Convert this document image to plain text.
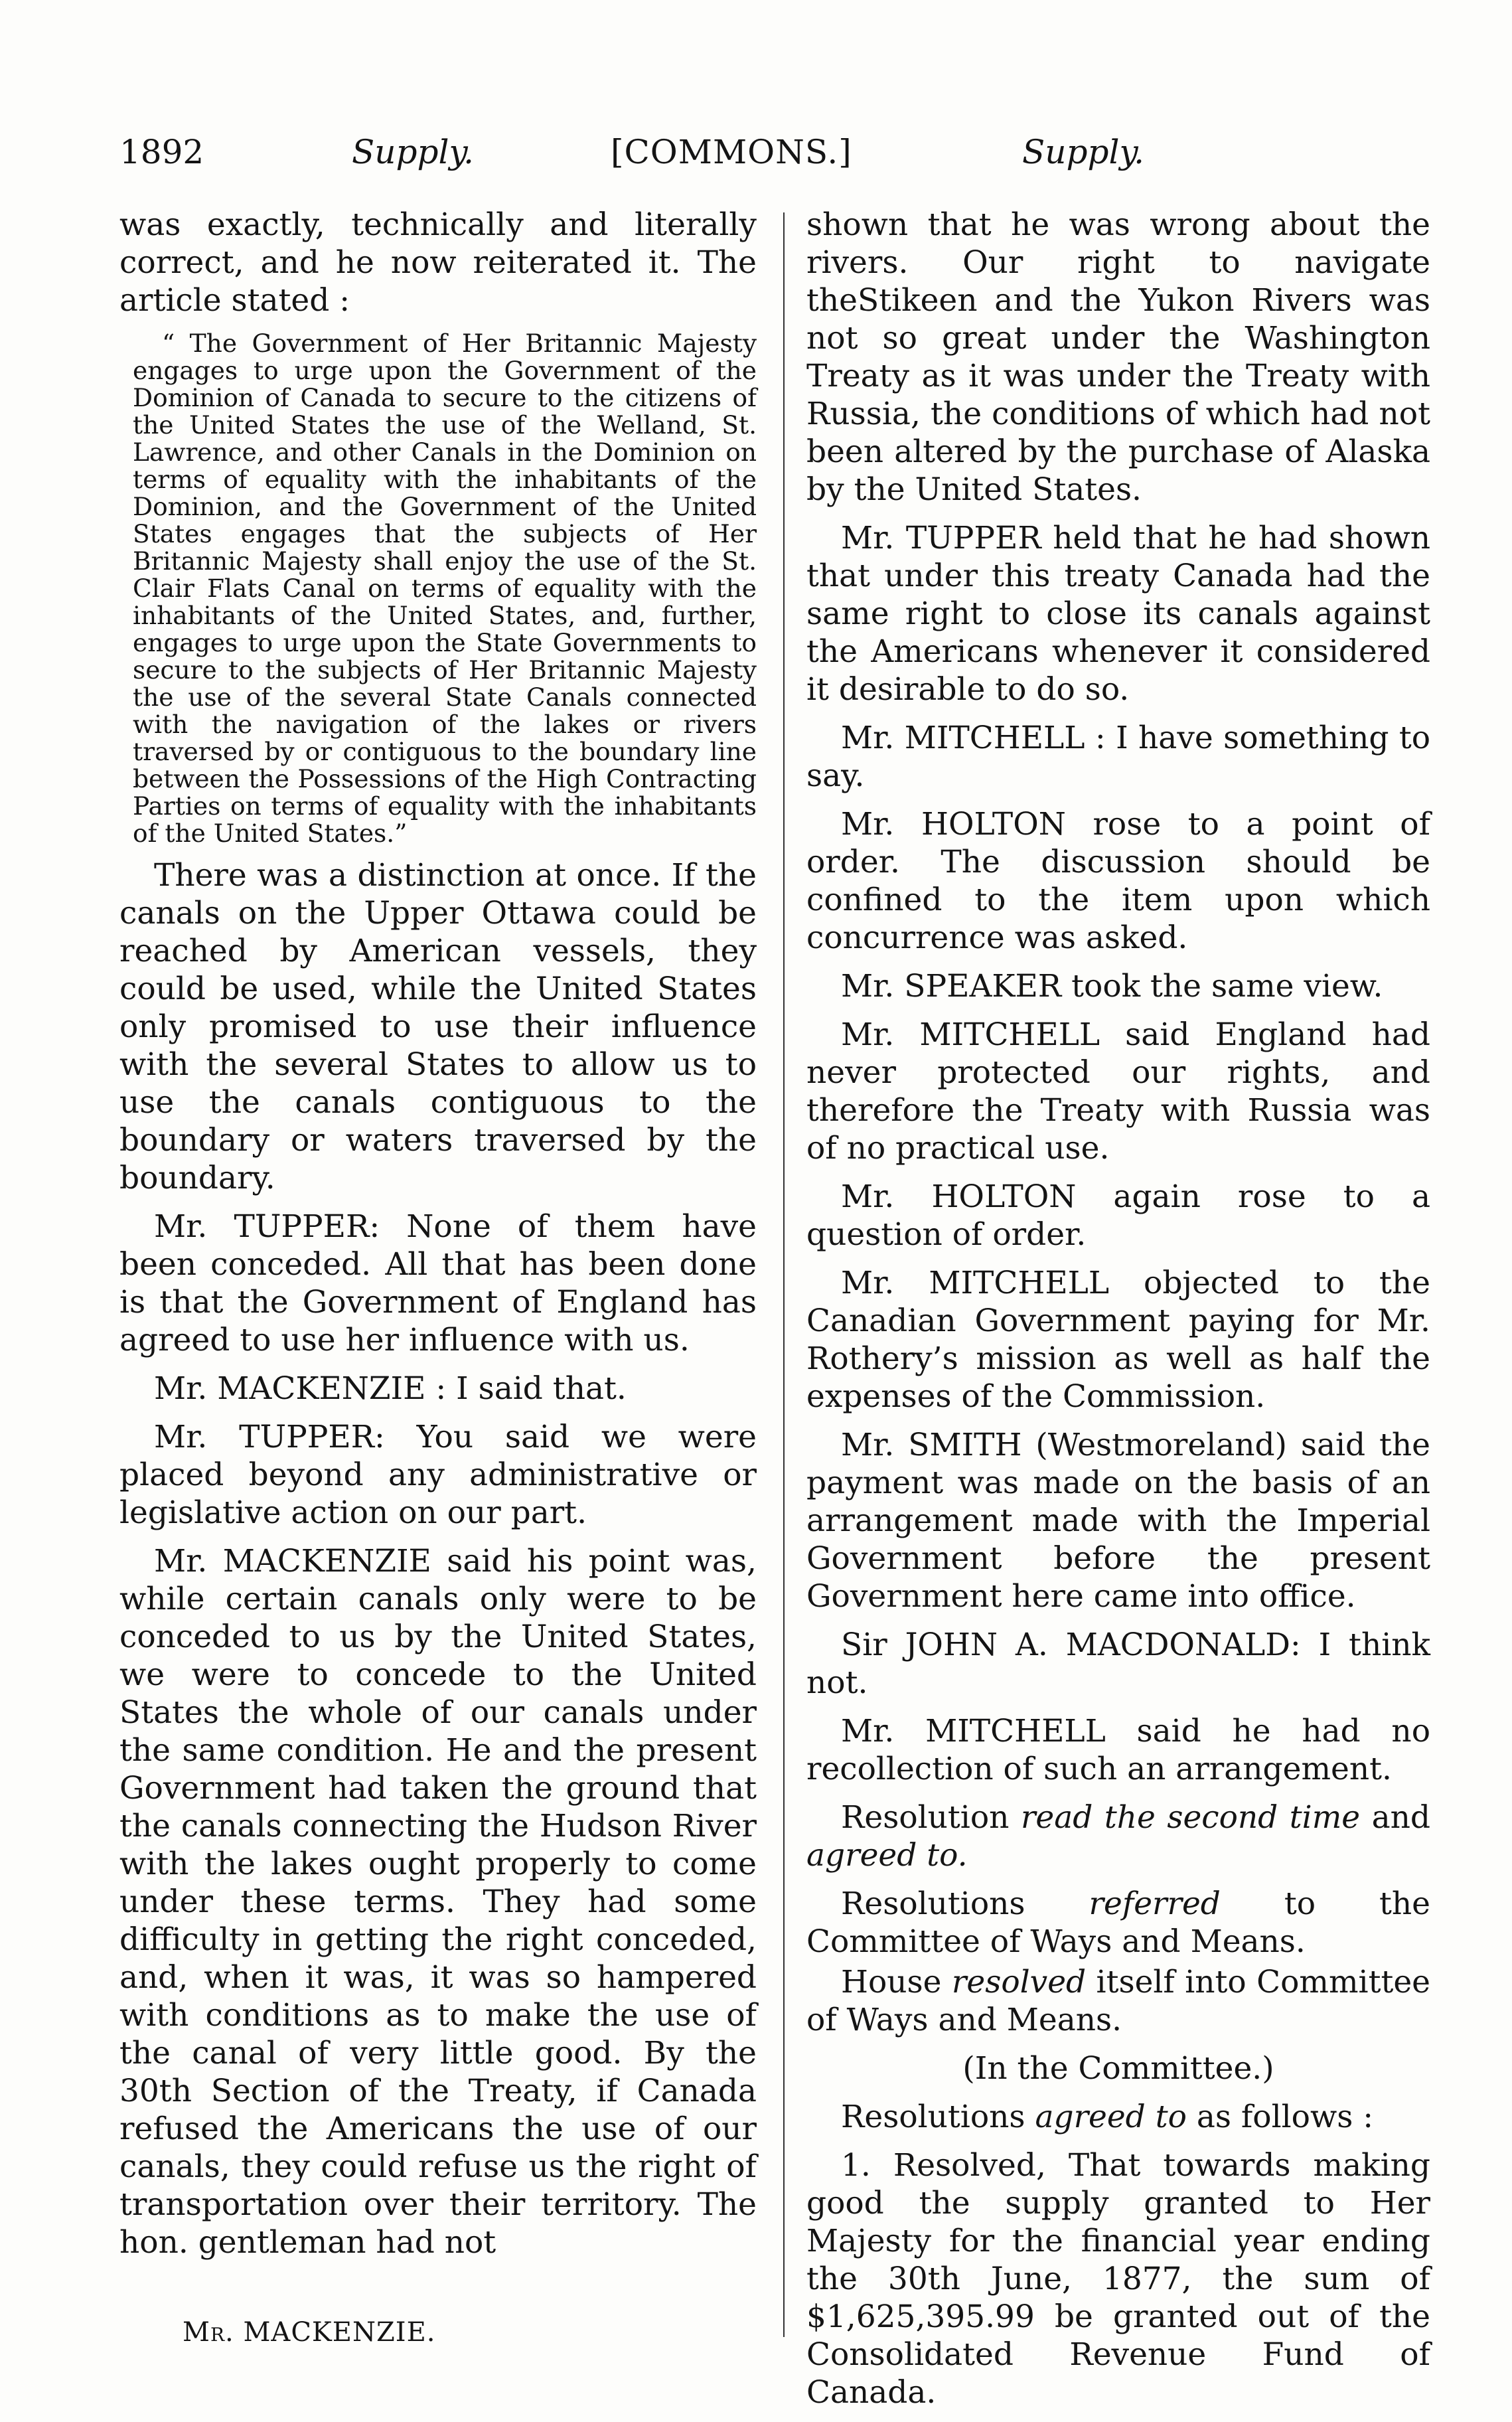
1892	Supply.	[COMMONS.]	Supply.

was exactly, technically and literally correct, and he now reiterated it. The article stated :

“ The Government of Her Britannic Majesty engages to urge upon the Government of the Dominion of Canada to secure to the citizens of the United States the use of the Welland, St. Lawrence, and other Canals in the Dominion on terms of equality with the inhabitants of the Dominion, and the Government of the United States engages that the subjects of Her Britannic Majesty shall enjoy the use of the St. Clair Flats Canal on terms of equality with the inhabitants of the United States, and, further, engages to urge upon the State Governments to secure to the subjects of Her Britannic Majesty the use of the several State Canals connected with the navigation of the lakes or rivers traversed by or contiguous to the boundary line between the Possessions of the High Contracting Parties on terms of equality with the inhabitants of the United States.”

There was a distinction at once. If the canals on the Upper Ottawa could be reached by American vessels, they could be used, while the United States only promised to use their influence with the several States to allow us to use the canals contiguous to the boundary or waters traversed by the boundary.

Mr. TUPPER: None of them have been conceded. All that has been done is that the Government of England has agreed to use her influence with us.

Mr. MACKENZIE : I said that.

Mr. TUPPER: You said we were placed beyond any administrative or legislative action on our part.

Mr. MACKENZIE said his point was, while certain canals only were to be conceded to us by the United States, we were to concede to the United States the whole of our canals under the same condition. He and the present Government had taken the ground that the canals connecting the Hudson River with the lakes ought properly to come under these terms. They had some difficulty in getting the right conceded, and, when it was, it was so hampered with conditions as to make the use of the canal of very little good. By the 30th Section of the Treaty, if Canada refused the Americans the use of our canals, they could refuse us the right of transportation over their territory. The hon. gentleman had not

shown that he was wrong about the rivers. Our right to navigate theStikeen and the Yukon Rivers was not so great under the Washington Treaty as it was under the Treaty with Russia, the conditions of which had not been altered by the purchase of Alaska by the United States.

Mr. TUPPER held that he had shown that under this treaty Canada had the same right to close its canals against the Americans whenever it considered it desirable to do so.

Mr. MITCHELL : I have something to say.

Mr. HOLTON rose to a point of order. The discussion should be confined to the item upon which concurrence was asked.

Mr. SPEAKER took the same view.

Mr. MITCHELL said England had never protected our rights, and therefore the Treaty with Russia was of no practical use.

Mr. HOLTON again rose to a question of order.

Mr. MITCHELL objected to the Canadian Government paying for Mr. Rothery’s mission as well as half the expenses of the Commission.

Mr. SMITH (Westmoreland) said the payment was made on the basis of an arrangement made with the Imperial Government before the present Government here came into office.

Sir JOHN A. MACDONALD: I think not.

Mr. MITCHELL said he had no recollection of such an arrangement.

Resolution read the second time and agreed to.

Resolutions referred to the Committee of Ways and Means.

House resolved itself into Committee of Ways and Means.

(In the Committee.)

Resolutions agreed to as follows :

1. Resolved, That towards making good the supply granted to Her Majesty for the financial year ending the 30th June, 1877, the sum of $1,625,395.99 be granted out of the Consolidated Revenue Fund of Canada.

Mr. MACKENZIE.
